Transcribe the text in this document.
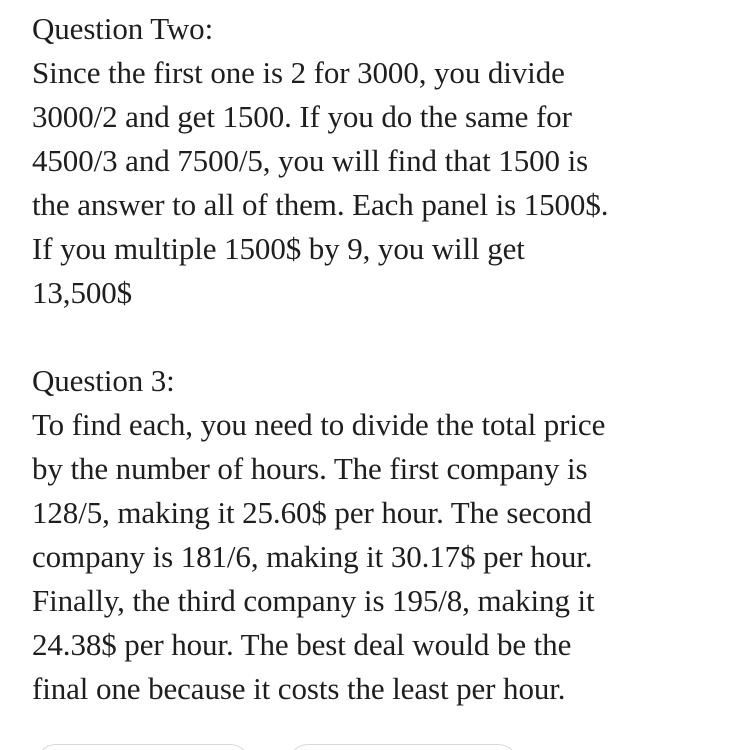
Question Two:
Since the first one is 2 for 3000, you divide
3000/2 and get 1500. If you do the same for
4500/3 and 7500/5, you will find that 1500 is
the answer to all of them. Each panel is 1500$.
If you multiple 1500$ by 9, you will get
13,500$
Question 3:
To find each, you need to divide the total price
by the number of hours. The first company is
128/5, making it 25.60$ per hour. The second
company is 181/6, making it 30.17$ per hour.
Finally, the third company is 195/8, making it
24.38$ per hour. The best deal would be the
final one because it costs the least per hour.
